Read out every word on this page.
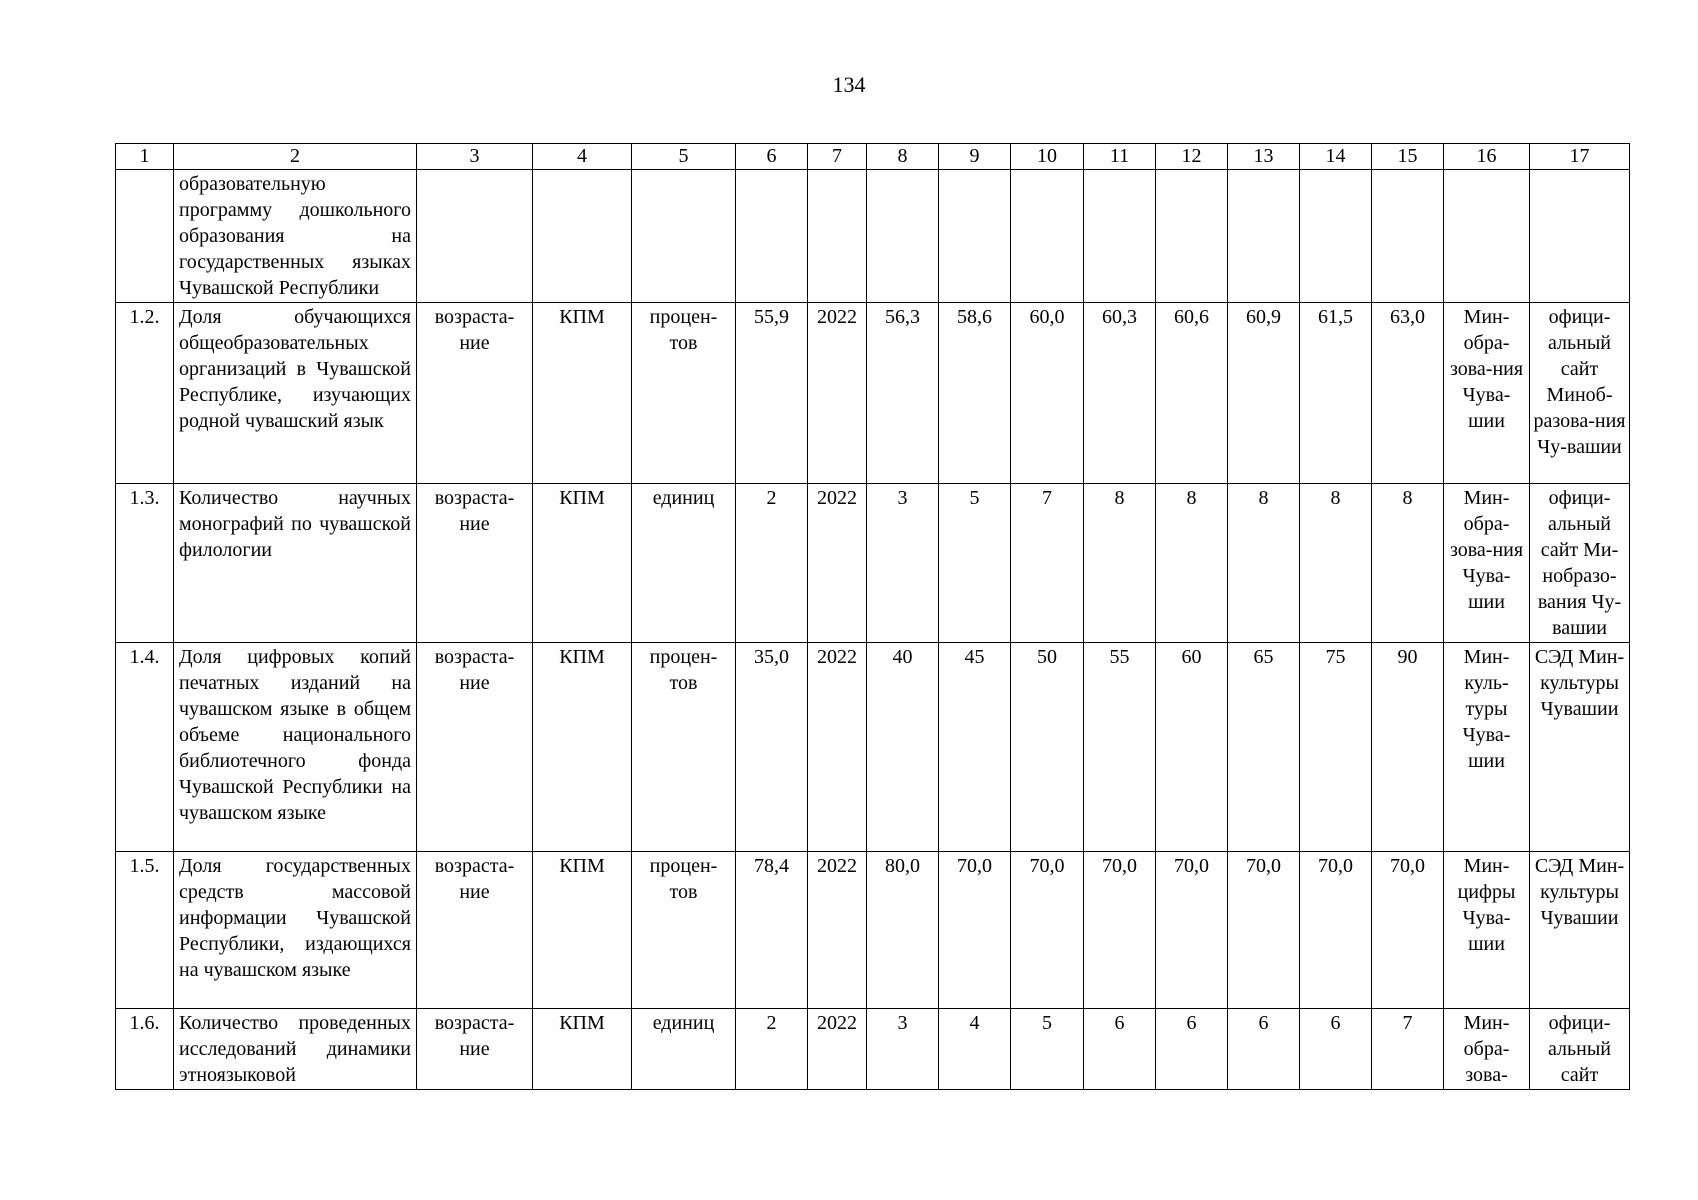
134
1	2	3	4	5	6	7	8	9	10	11	12	13	14	15	16	17
	образовательную программу дошкольного образования на государственных языках Чувашской Республики															
1.2.	Доля обучающихся общеобразовательных организаций в Чувашской Республике, изучающих родной чувашский язык	возраста-ние	КПМ	процен-тов	55,9	2022	56,3	58,6	60,0	60,3	60,6	60,9	61,5	63,0	Мин-обра-зова-ния Чува-шии	офици-альный сайт Миноб-разова-ния Чу-вашии
1.3.	Количество научных монографий по чувашской филологии	возраста-ние	КПМ	единиц	2	2022	3	5	7	8	8	8	8	8	Мин-обра-зова-ния Чува-шии	офици-альный сайт Ми-нобразо-вания Чу-вашии
1.4.	Доля цифровых копий печатных изданий на чувашском языке в общем объеме национального библиотечного фонда Чувашской Республики на чувашском языке	возраста-ние	КПМ	процен-тов	35,0	2022	40	45	50	55	60	65	75	90	Мин-куль-туры Чува-шии	СЭД Мин-культуры Чувашии
1.5.	Доля государственных средств массовой информации Чувашской Республики, издающихся на чувашском языке	возраста-ние	КПМ	процен-тов	78,4	2022	80,0	70,0	70,0	70,0	70,0	70,0	70,0	70,0	Мин-цифры Чува-шии	СЭД Мин-культуры Чувашии
1.6.	Количество проведенных исследований динамики этноязыковой	возраста-ние	КПМ	единиц	2	2022	3	4	5	6	6	6	6	7	Мин-обра-зова-	офици-альный сайт
